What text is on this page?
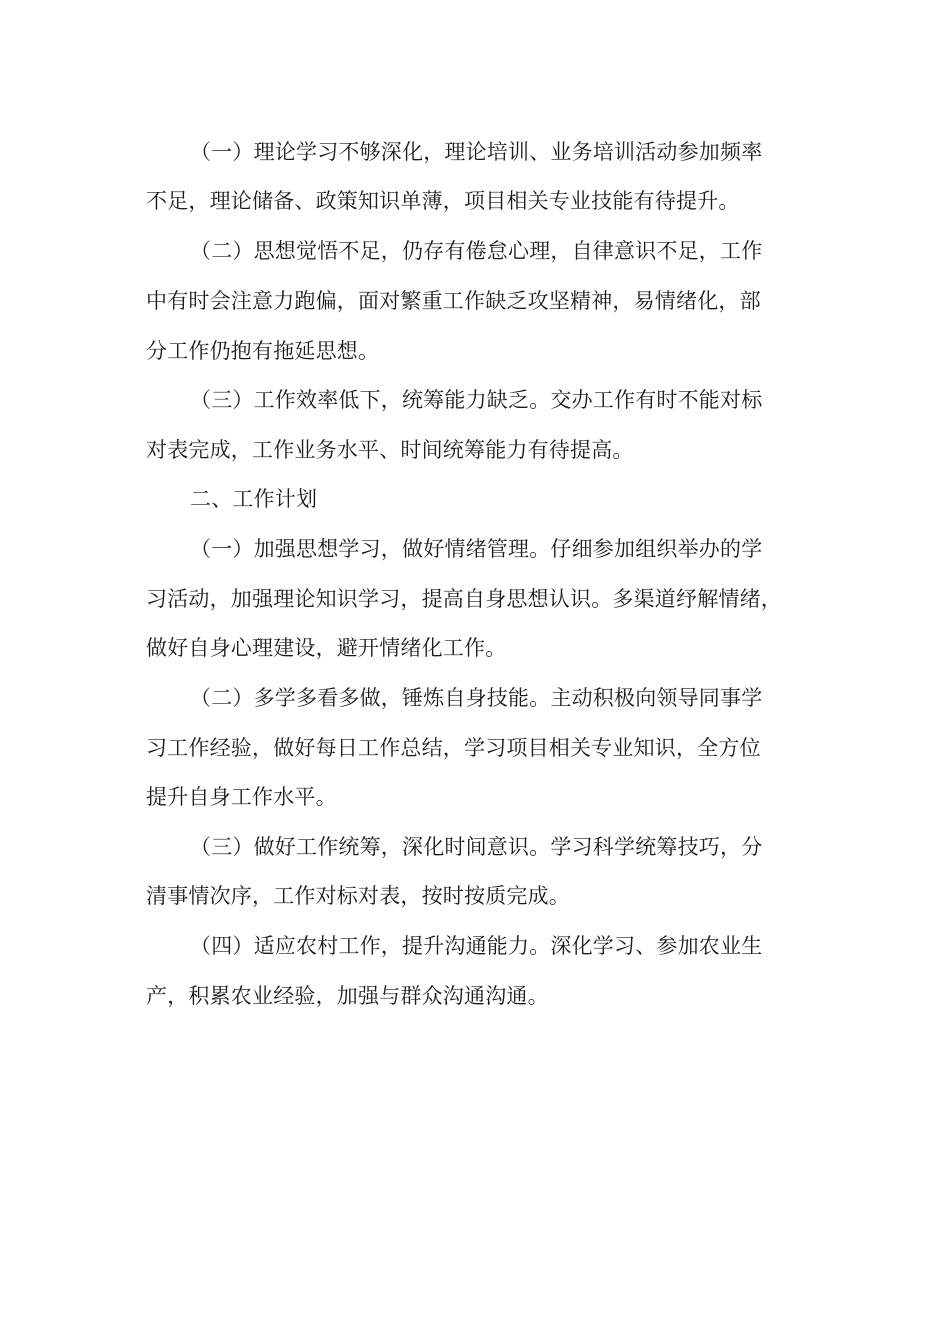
（一）理论学习不够深化，理论培训、业务培训活动参加频率
不足，理论储备、政策知识单薄，项目相关专业技能有待提升。
（二）思想觉悟不足，仍存有倦怠心理，自律意识不足，工作
中有时会注意力跑偏，面对繁重工作缺乏攻坚精神，易情绪化，部
分工作仍抱有拖延思想。
（三）工作效率低下，统筹能力缺乏。交办工作有时不能对标
对表完成，工作业务水平、时间统筹能力有待提高。
二、工作计划
（一）加强思想学习，做好情绪管理。仔细参加组织举办的学
习活动，加强理论知识学习，提高自身思想认识。多渠道纾解情绪，
做好自身心理建设，避开情绪化工作。
（二）多学多看多做，锤炼自身技能。主动积极向领导同事学
习工作经验，做好每日工作总结，学习项目相关专业知识，全方位
提升自身工作水平。
（三）做好工作统筹，深化时间意识。学习科学统筹技巧，分
清事情次序，工作对标对表，按时按质完成。
（四）适应农村工作，提升沟通能力。深化学习、参加农业生
产，积累农业经验，加强与群众沟通沟通。
